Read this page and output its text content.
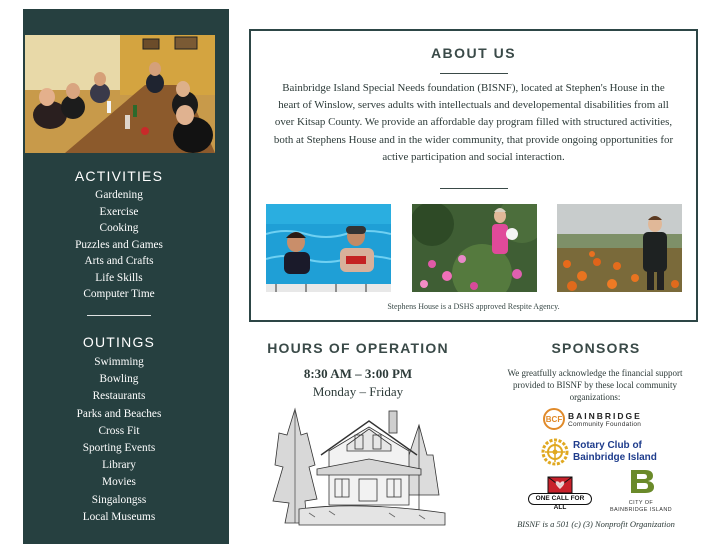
ACTIVITIES
Gardening
Exercise
Cooking
Puzzles and Games
Arts and Crafts
Life Skills
Computer Time
OUTINGS
Swimming
Bowling
Restaurants
Parks and Beaches
Cross Fit
Sporting Events
Library
Movies
Singalongss
Local Museums
ABOUT US

Bainbridge Island Special Needs foundation (BISNF), located at Stephen's House in the heart of Winslow, serves adults with intellectuals and developemental disabilities from all over Kitsap County. We provide an affordable day program filled with structured activities, both at Stephens House and in the wider community, that provide ongoing opportunities for active participation and social interaction.

Stephens House is a DSHS approved Respite Agency.

HOURS OF OPERATION
8:30 AM – 3:00 PM
Monday – Friday
SPONSORS

We greatfully acknowledge the financial support provided to BISNF by these local community organizations:

BCF BAINBRIDGE
Community Foundation
Rotary Club of
Bainbridge Island
ONE CALL FOR ALL
CITY OF
BAINBRIDGE ISLAND

BISNF is a 501 (c) (3) Nonprofit Organization
